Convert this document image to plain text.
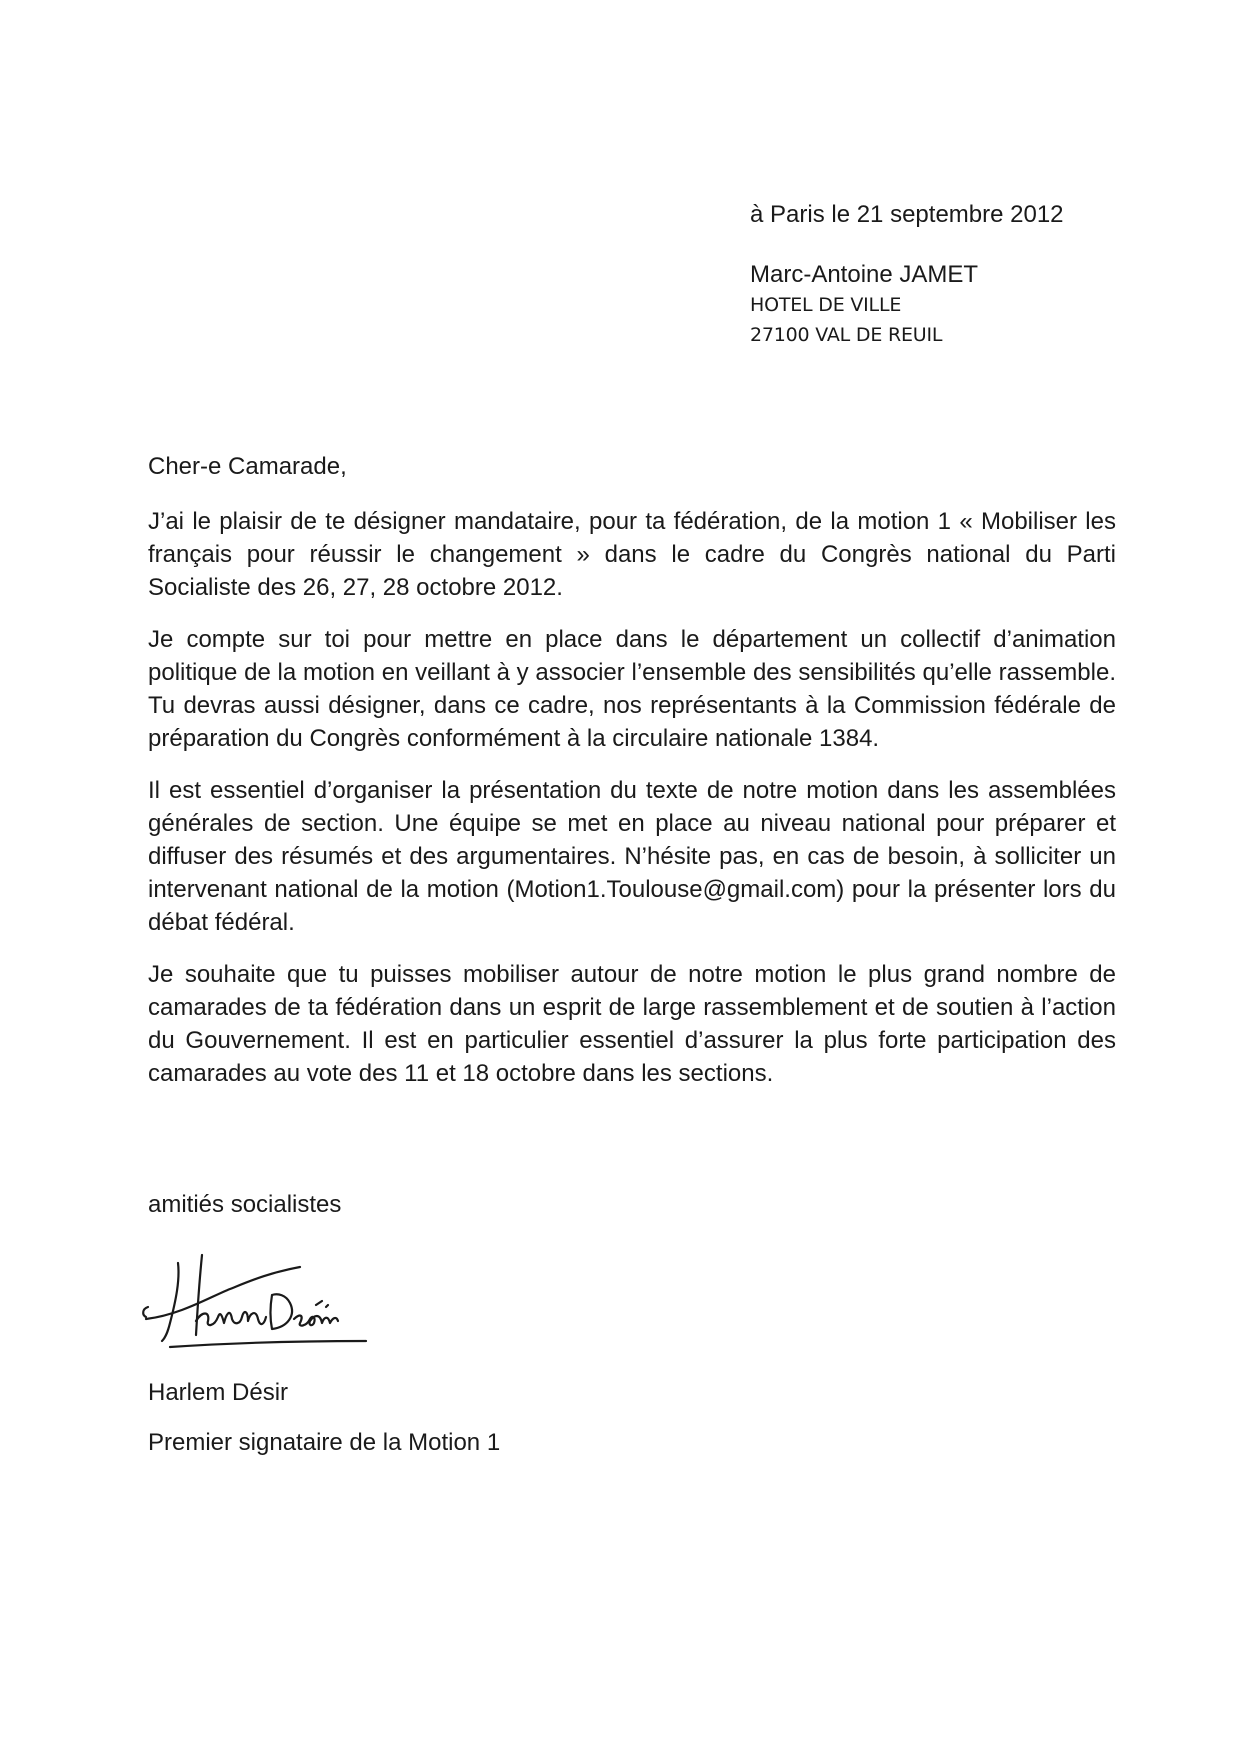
à Paris le 21 septembre 2012

Marc-Antoine JAMET

HOTEL DE VILLE

27100 VAL DE REUIL

Cher-e Camarade,

J’ai le plaisir de te désigner mandataire, pour ta fédération, de la motion 1 « Mobiliser les français pour réussir le changement » dans le cadre du Congrès national du Parti Socialiste des 26, 27, 28 octobre 2012.

Je compte sur toi pour mettre en place dans le département un collectif d’animation politique de la motion en veillant à y associer l’ensemble des sensibilités qu’elle rassemble. Tu devras aussi désigner, dans ce cadre, nos représentants à la Commission fédérale de préparation du Congrès conformément à la circulaire nationale 1384.

Il est essentiel d’organiser la présentation du texte de notre motion dans les assemblées générales de section. Une équipe se met en place au niveau national pour préparer et diffuser des résumés et des argumentaires. N’hésite pas, en cas de besoin, à solliciter un intervenant national de la motion (Motion1.Toulouse@gmail.com) pour la présenter lors du débat fédéral.

Je souhaite que tu puisses mobiliser autour de notre motion le plus grand nombre de camarades de ta fédération dans un esprit de large rassemblement et de soutien à l’action du Gouvernement. Il est en particulier essentiel d’assurer la plus forte participation des camarades au vote des 11 et 18 octobre dans les sections.

amitiés socialistes

Harlem Désir

Premier signataire de la Motion 1
